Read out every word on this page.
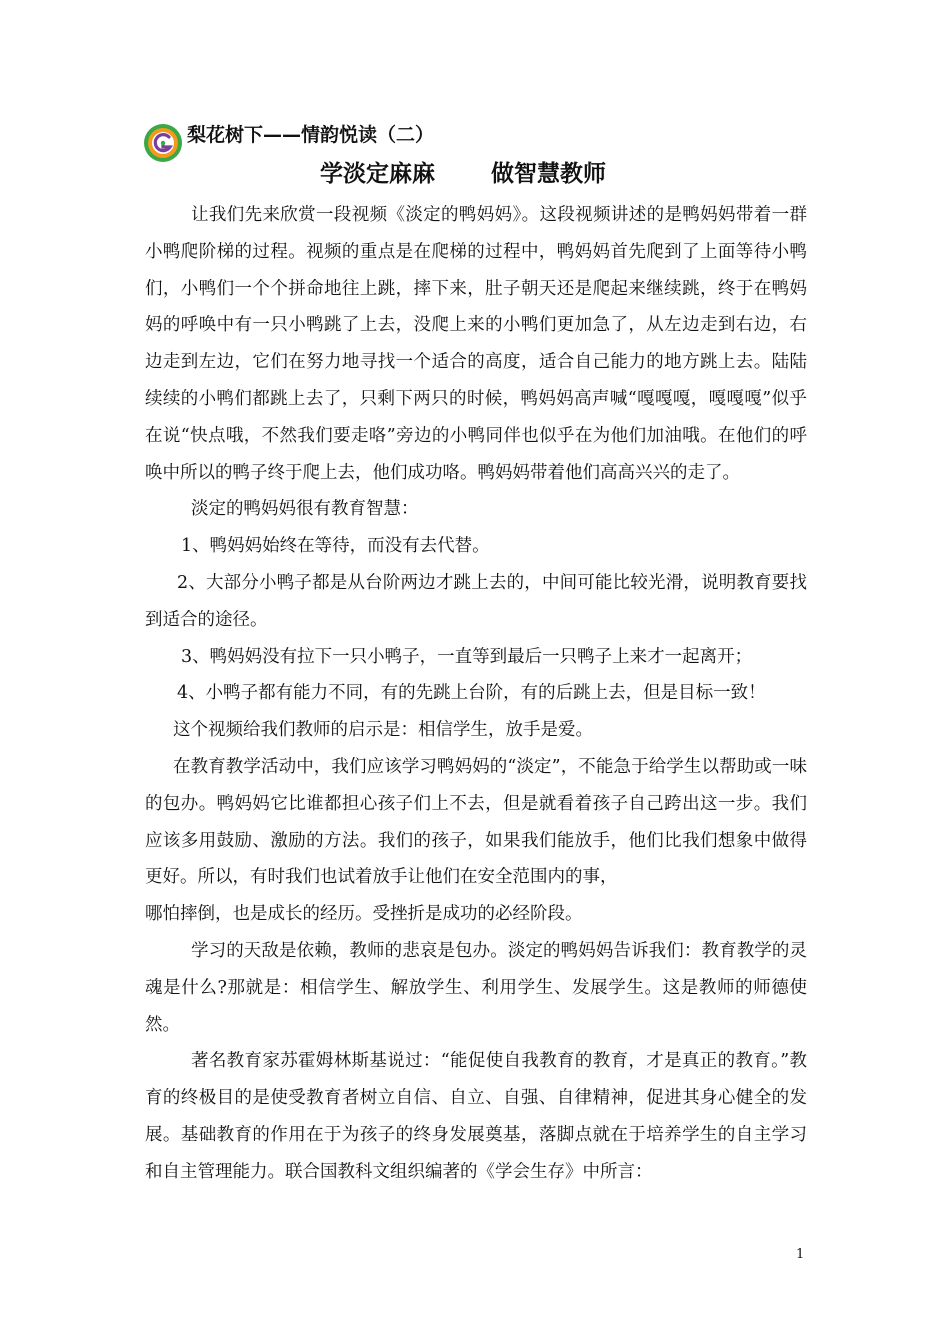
梨花树下——情韵悦读（二）
学淡定麻麻 做智慧教师

让我们先来欣赏一段视频《淡定的鸭妈妈》。这段视频讲述的是鸭妈妈带着一群小鸭爬阶梯的过程。视频的重点是在爬梯的过程中，鸭妈妈首先爬到了上面等待小鸭们，小鸭们一个个拼命地往上跳，摔下来，肚子朝天还是爬起来继续跳，终于在鸭妈妈的呼唤中有一只小鸭跳了上去，没爬上来的小鸭们更加急了，从左边走到右边，右边走到左边，它们在努力地寻找一个适合的高度，适合自己能力的地方跳上去。陆陆续续的小鸭们都跳上去了，只剩下两只的时候，鸭妈妈高声喊“嘎嘎嘎，嘎嘎嘎”似乎在说“快点哦，不然我们要走咯”旁边的小鸭同伴也似乎在为他们加油哦。在他们的呼唤中所以的鸭子终于爬上去，他们成功咯。鸭妈妈带着他们高高兴兴的走了。

淡定的鸭妈妈很有教育智慧：

1、鸭妈妈始终在等待，而没有去代替。

2、大部分小鸭子都是从台阶两边才跳上去的，中间可能比较光滑，说明教育要找到适合的途径。

3、鸭妈妈没有拉下一只小鸭子，一直等到最后一只鸭子上来才一起离开；

4、小鸭子都有能力不同，有的先跳上台阶，有的后跳上去，但是目标一致！

这个视频给我们教师的启示是：相信学生，放手是爱。

在教育教学活动中，我们应该学习鸭妈妈的“淡定”，不能急于给学生以帮助或一味的包办。鸭妈妈它比谁都担心孩子们上不去，但是就看着孩子自己跨出这一步。我们应该多用鼓励、激励的方法。我们的孩子，如果我们能放手，他们比我们想象中做得更好。所以，有时我们也试着放手让他们在安全范围内的事，

哪怕摔倒，也是成长的经历。受挫折是成功的必经阶段。

学习的天敌是依赖，教师的悲哀是包办。淡定的鸭妈妈告诉我们：教育教学的灵魂是什么?那就是：相信学生、解放学生、利用学生、发展学生。这是教师的师德使然。

著名教育家苏霍姆林斯基说过：“能促使自我教育的教育，才是真正的教育。”教育的终极目的是使受教育者树立自信、自立、自强、自律精神，促进其身心健全的发展。基础教育的作用在于为孩子的终身发展奠基，落脚点就在于培养学生的自主学习和自主管理能力。联合国教科文组织编著的《学会生存》中所言：

1
